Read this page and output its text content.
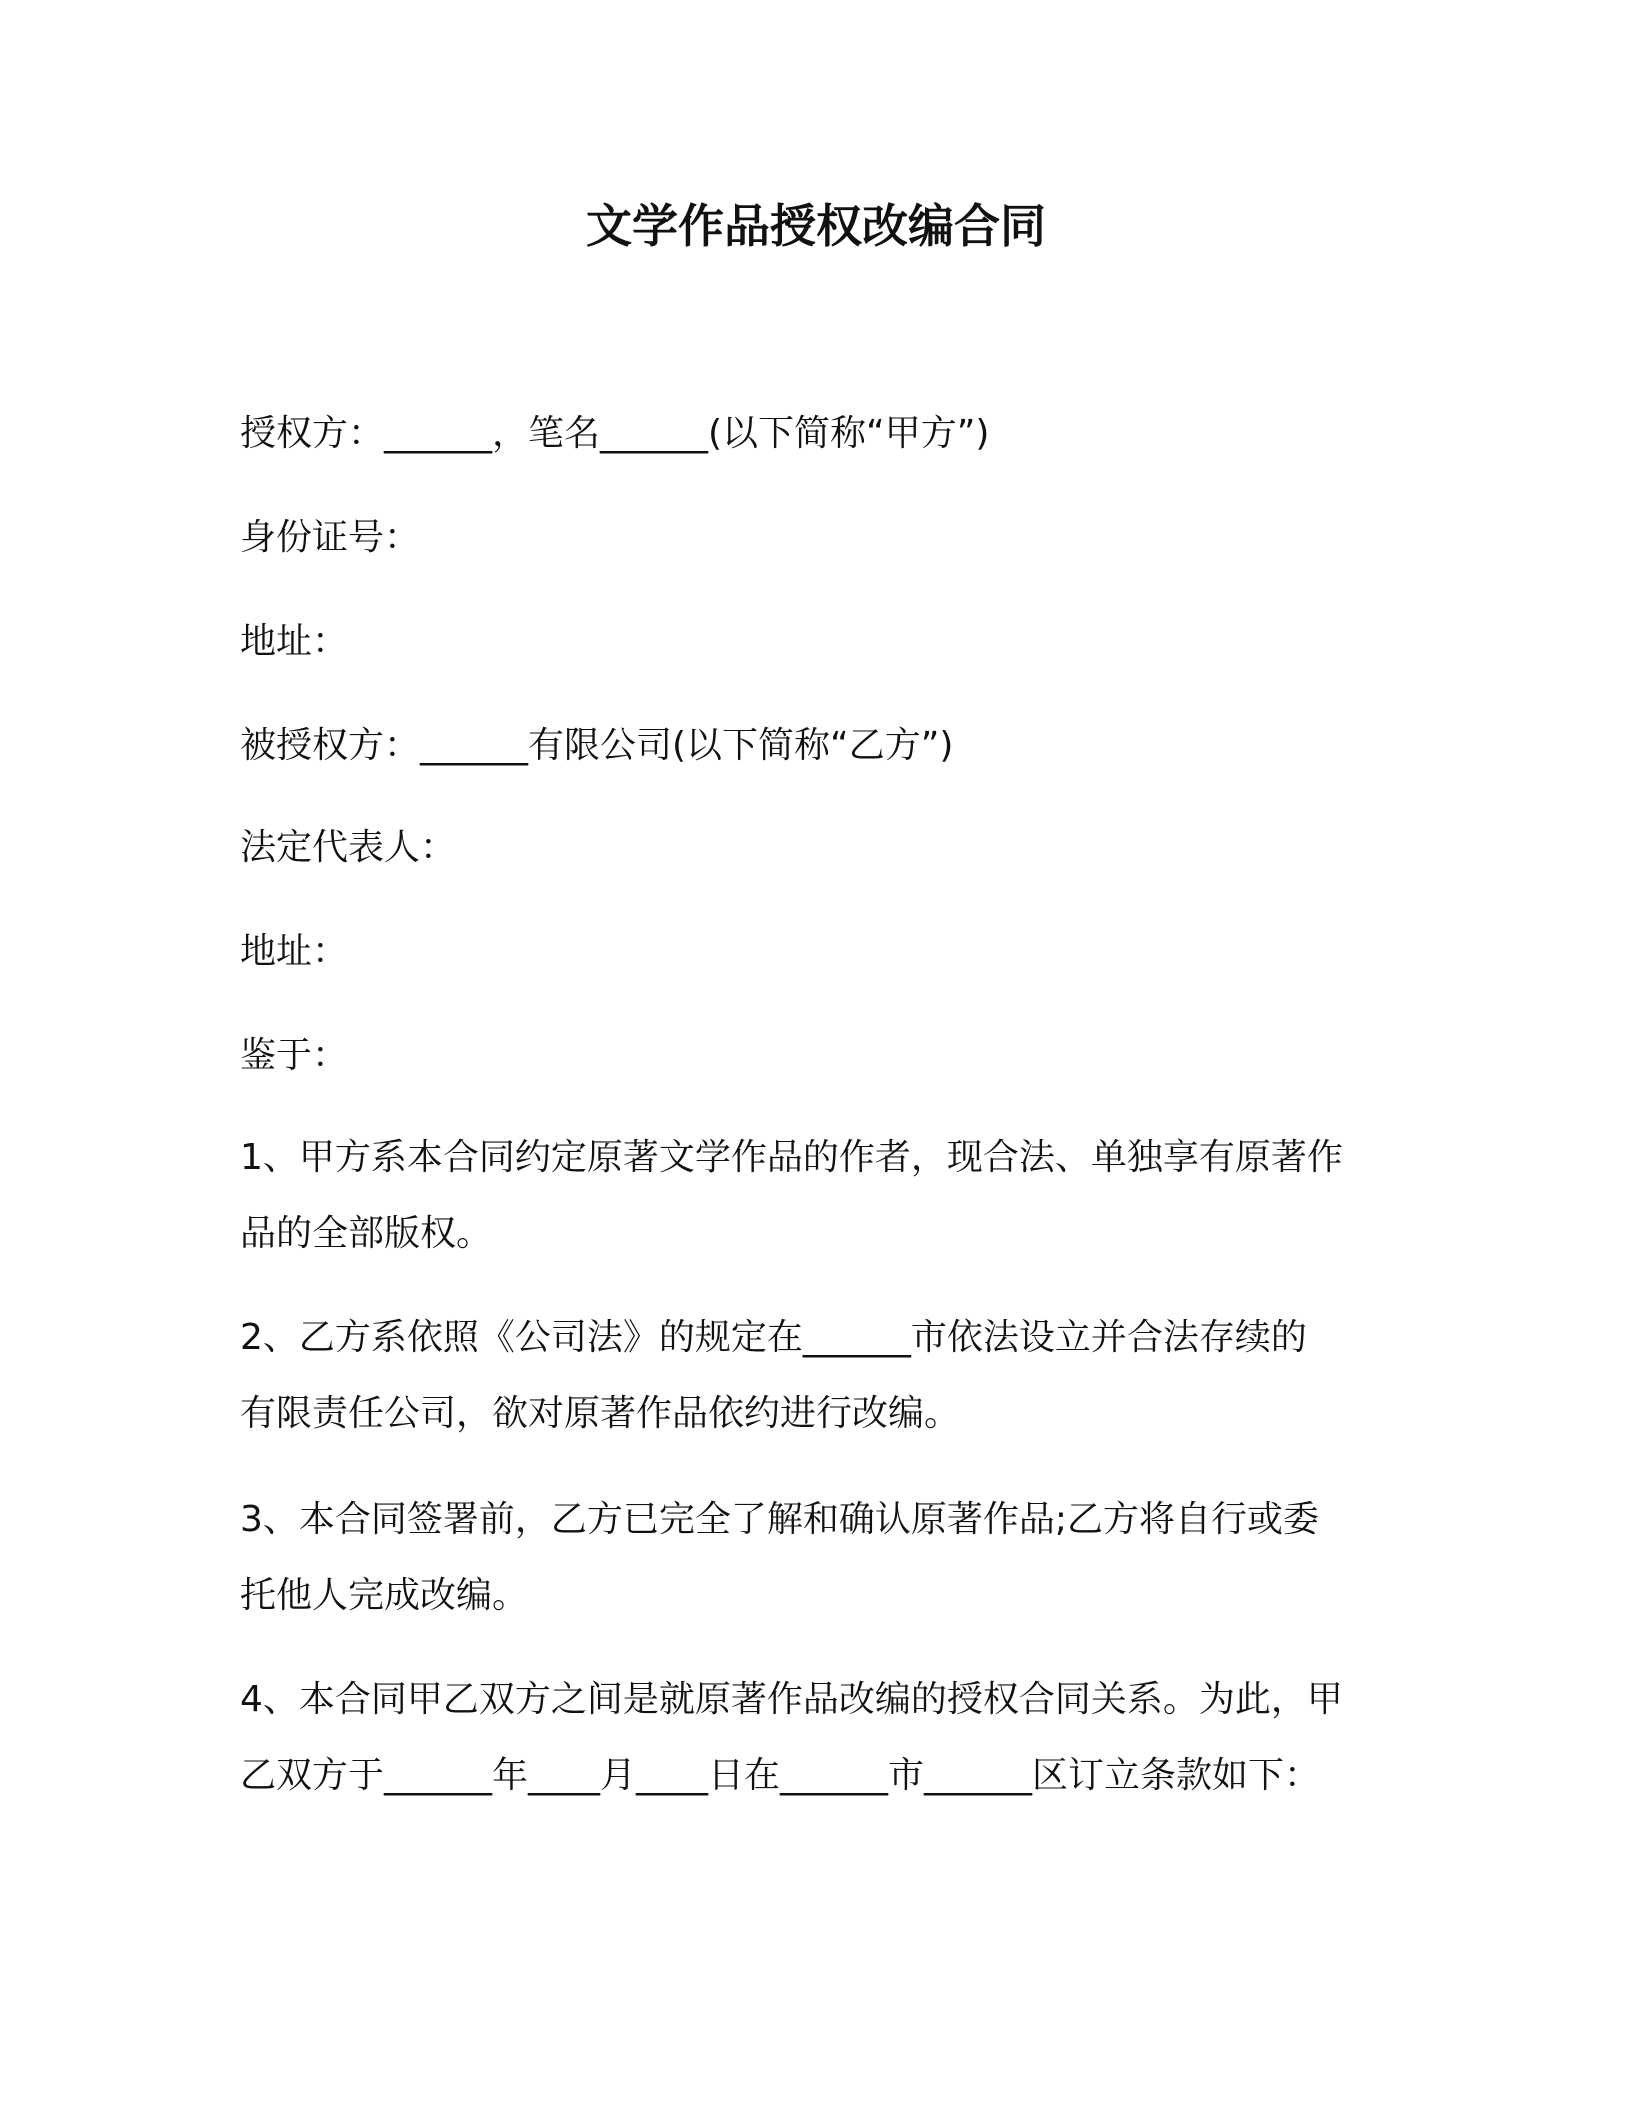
文学作品授权改编合同
授权方：______，笔名______(以下简称“甲方”)
身份证号：
地址：
被授权方：______有限公司(以下简称“乙方”)
法定代表人：
地址：
鉴于：
1、甲方系本合同约定原著文学作品的作者，现合法、单独享有原著作
品的全部版权。
2、乙方系依照《公司法》的规定在______市依法设立并合法存续的
有限责任公司，欲对原著作品依约进行改编。
3、本合同签署前，乙方已完全了解和确认原著作品;乙方将自行或委
托他人完成改编。
4、本合同甲乙双方之间是就原著作品改编的授权合同关系。为此，甲
乙双方于______年____月____日在______市______区订立条款如下：
